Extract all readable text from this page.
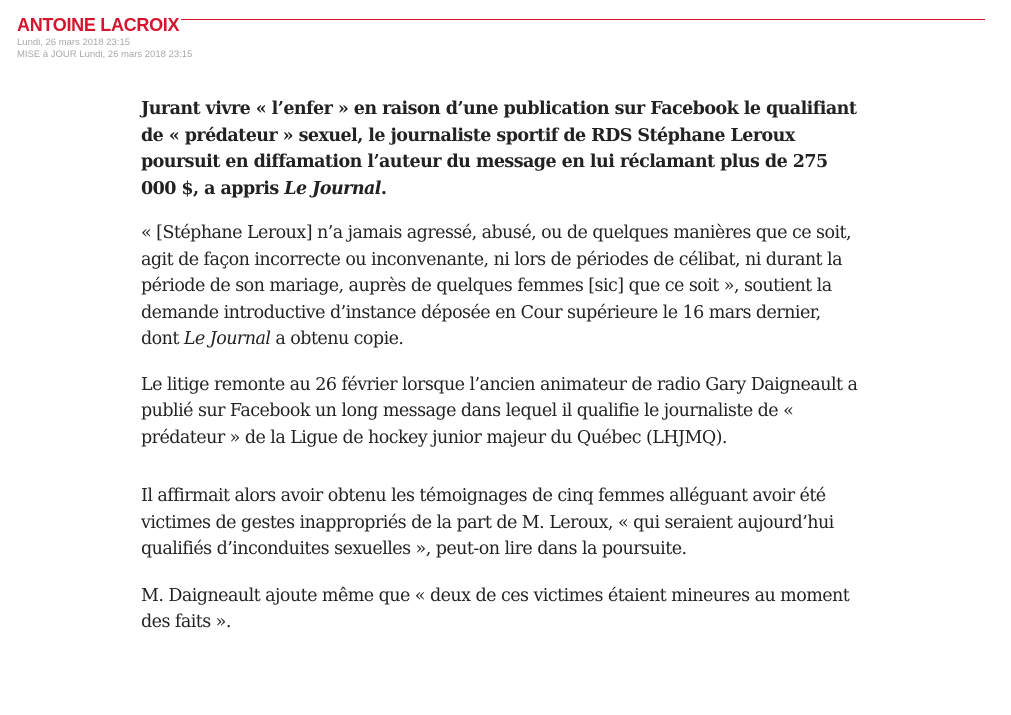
ANTOINE LACROIX
Lundi, 26 mars 2018 23:15
MISE à JOUR Lundi, 26 mars 2018 23:15

Jurant vivre « l’enfer » en raison d’une publication sur Facebook le qualifiant de « prédateur » sexuel, le journaliste sportif de RDS Stéphane Leroux poursuit en diffamation l’auteur du message en lui réclamant plus de 275 000 $, a appris Le Journal.

« [Stéphane Leroux] n’a jamais agressé, abusé, ou de quelques manières que ce soit, agit de façon incorrecte ou inconvenante, ni lors de périodes de célibat, ni durant la période de son mariage, auprès de quelques femmes [sic] que ce soit », soutient la demande introductive d’instance déposée en Cour supérieure le 16 mars dernier, dont Le Journal a obtenu copie.

Le litige remonte au 26 février lorsque l’ancien animateur de radio Gary Daigneault a publié sur Facebook un long message dans lequel il qualifie le journaliste de « prédateur » de la Ligue de hockey junior majeur du Québec (LHJMQ).

Il affirmait alors avoir obtenu les témoignages de cinq femmes alléguant avoir été victimes de gestes inappropriés de la part de M. Leroux, « qui seraient aujourd’hui qualifiés d’inconduites sexuelles », peut-on lire dans la poursuite.

M. Daigneault ajoute même que « deux de ces victimes étaient mineures au moment des faits ».
